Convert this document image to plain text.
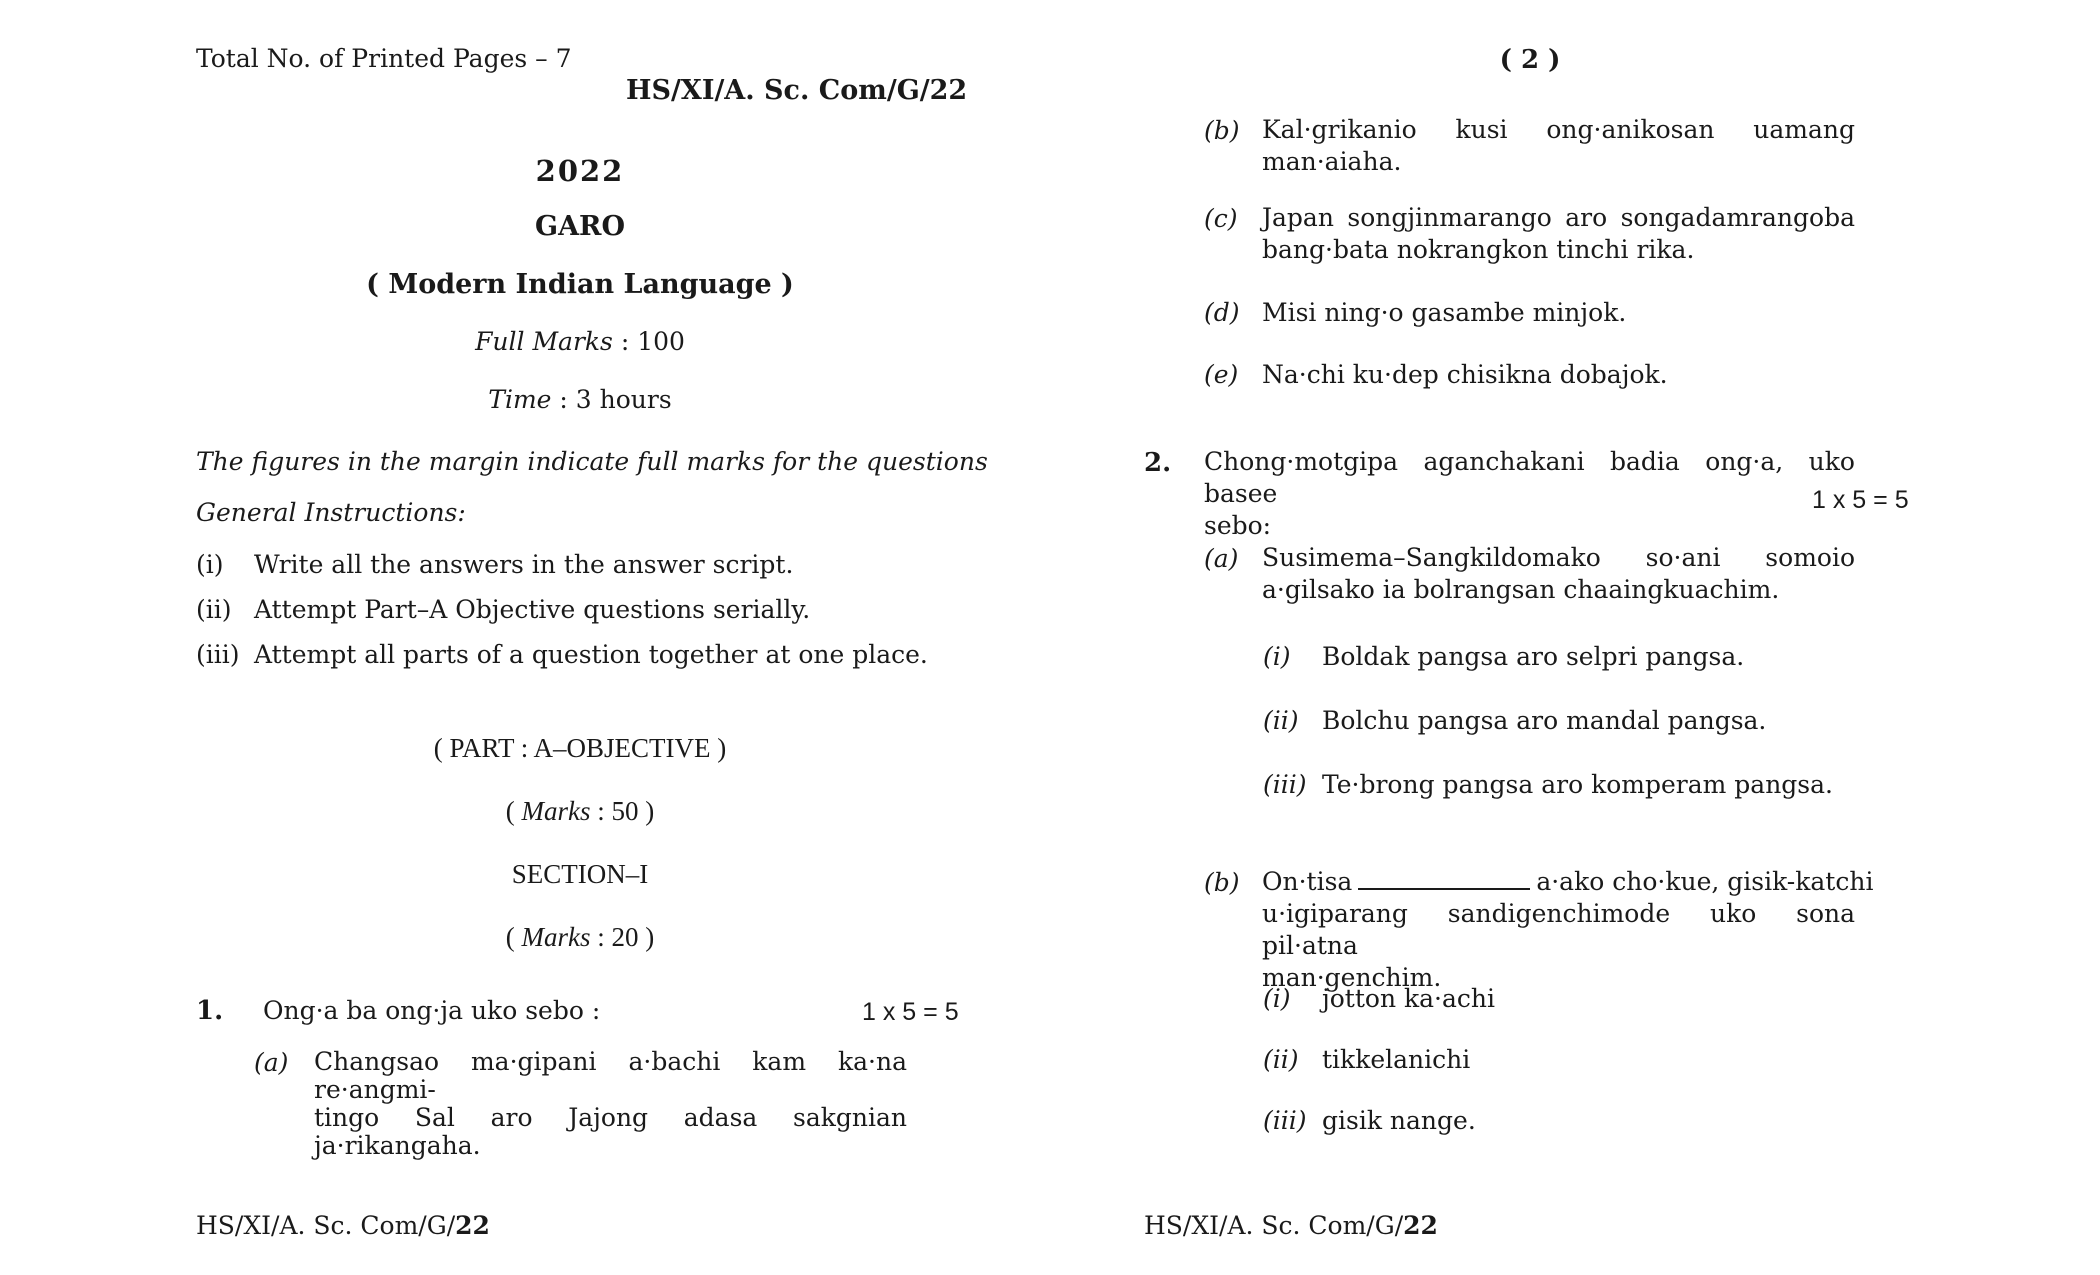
Total No. of Printed Pages – 7
HS/XI/A. Sc. Com/G/22
2022
GARO
( Modern Indian Language )
Full Marks : 100
Time : 3 hours
The figures in the margin indicate full marks for the questions
General Instructions:
(i) Write all the answers in the answer script.
(ii) Attempt Part–A Objective questions serially.
(iii) Attempt all parts of a question together at one place.
( PART : A–OBJECTIVE )
( Marks : 50 )
SECTION–I
( Marks : 20 )
1. Ong·a ba ong·ja uko sebo :	1 x 5 = 5
(a) Changsao ma·gipani a·bachi kam ka·na re·angmi-
tingo Sal aro Jajong adasa sakgnian
ja·rikangaha.
HS/XI/A. Sc. Com/G/22
( 2 )
(b) Kal·grikanio kusi ong·anikosan uamang
man·aiaha.
(c) Japan songjinmarango aro songadamrangoba
bang·bata nokrangkon tinchi rika.
(d) Misi ning·o gasambe minjok.
(e) Na·chi ku·dep chisikna dobajok.
2. Chong·motgipa aganchakani badia ong·a, uko basee
sebo:
1 x 5 = 5
(a) Susimema–Sangkildomako so·ani somoio
a·gilsako ia bolrangsan chaaingkuachim.
(i) Boldak pangsa aro selpri pangsa.
(ii) Bolchu pangsa aro mandal pangsa.
(iii) Te·brong pangsa aro komperam pangsa.
(b) On·tisa	a·ako cho·kue, gisik-katchi
u·igiparang sandigenchimode uko sona pil·atna
man·genchim.
(i) jotton ka·achi
(ii) tikkelanichi
(iii) gisik nange.
HS/XI/A. Sc. Com/G/22
